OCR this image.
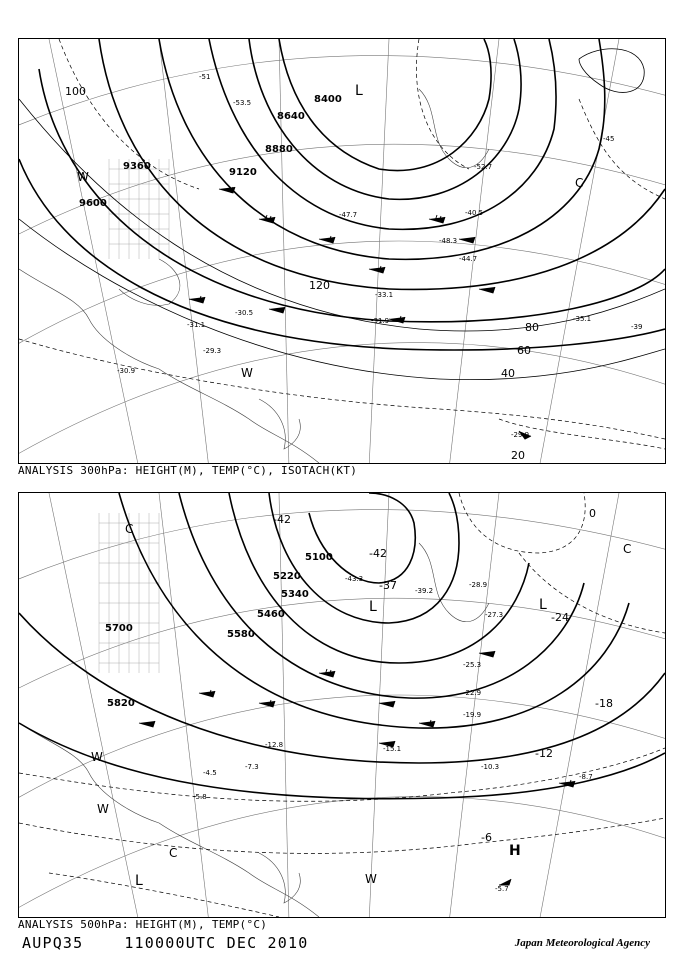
8400
8640
8880
9120
9360
9600
20
40
60
80
100
120
L
W
W
C
-51
-53.5
-52.7
-45
-48.3
-44.7
-39
-35.1
-33.1
-31.9
-31.1
-30.5
-29.3
-29.9
-30.9
-47.7	-40.5
ANALYSIS 300hPa: HEIGHT(M), TEMP(°C), ISOTACH(KT)
5100
5220
5340
5460
5580
5700
5820
-42
-42
-24
-18
-12
-6
0
-37
L	L
L
H
W
W
W
C
C
C
-43.3
-39.2
-28.9
-27.3
-25.3
-22.9
-19.9
-15.1
-10.3
-8.7
-5.7
-12.8
-7.3
-5.8
-4.5
ANALYSIS 500hPa: HEIGHT(M), TEMP(°C)
AUPQ35	110000UTC DEC 2010	Japan Meteorological Agency
